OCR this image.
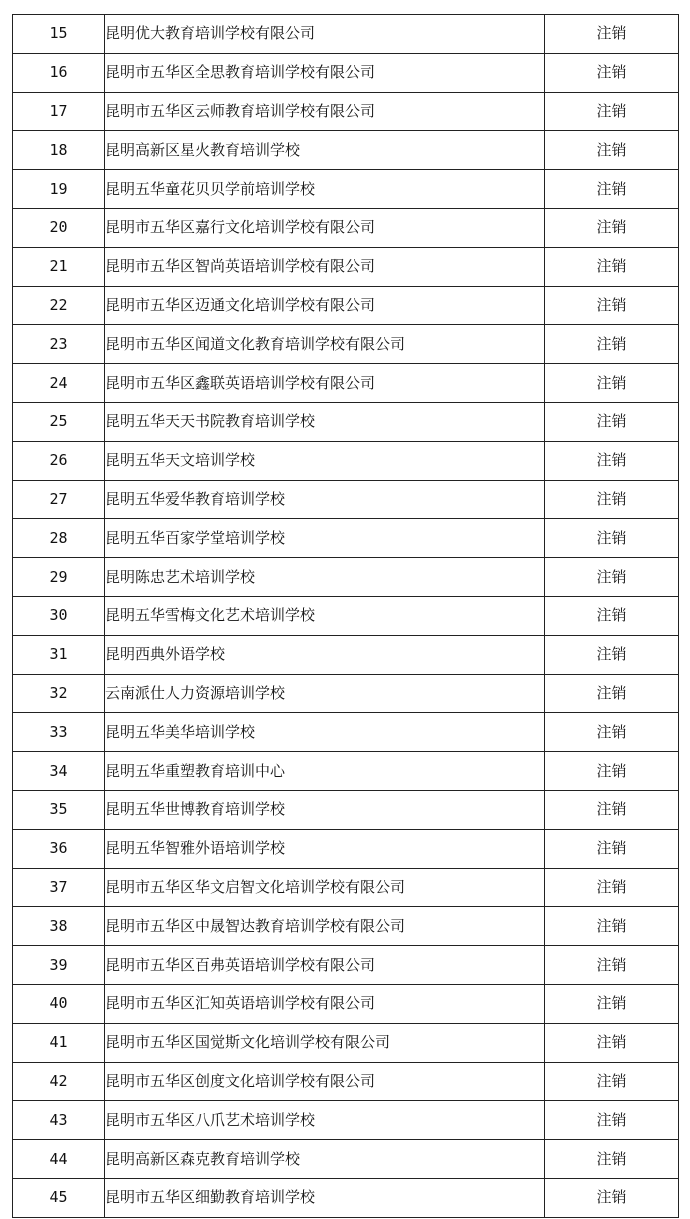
15	昆明优大教育培训学校有限公司	注销
16	昆明市五华区全思教育培训学校有限公司	注销
17	昆明市五华区云师教育培训学校有限公司	注销
18	昆明高新区星火教育培训学校	注销
19	昆明五华童花贝贝学前培训学校	注销
20	昆明市五华区嘉行文化培训学校有限公司	注销
21	昆明市五华区智尚英语培训学校有限公司	注销
22	昆明市五华区迈通文化培训学校有限公司	注销
23	昆明市五华区闻道文化教育培训学校有限公司	注销
24	昆明市五华区鑫联英语培训学校有限公司	注销
25	昆明五华天天书院教育培训学校	注销
26	昆明五华天文培训学校	注销
27	昆明五华爱华教育培训学校	注销
28	昆明五华百家学堂培训学校	注销
29	昆明陈忠艺术培训学校	注销
30	昆明五华雪梅文化艺术培训学校	注销
31	昆明西典外语学校	注销
32	云南派仕人力资源培训学校	注销
33	昆明五华美华培训学校	注销
34	昆明五华重塑教育培训中心	注销
35	昆明五华世博教育培训学校	注销
36	昆明五华智雅外语培训学校	注销
37	昆明市五华区华文启智文化培训学校有限公司	注销
38	昆明市五华区中晟智达教育培训学校有限公司	注销
39	昆明市五华区百弗英语培训学校有限公司	注销
40	昆明市五华区汇知英语培训学校有限公司	注销
41	昆明市五华区国觉斯文化培训学校有限公司	注销
42	昆明市五华区创度文化培训学校有限公司	注销
43	昆明市五华区八爪艺术培训学校	注销
44	昆明高新区森克教育培训学校	注销
45	昆明市五华区细勤教育培训学校	注销
